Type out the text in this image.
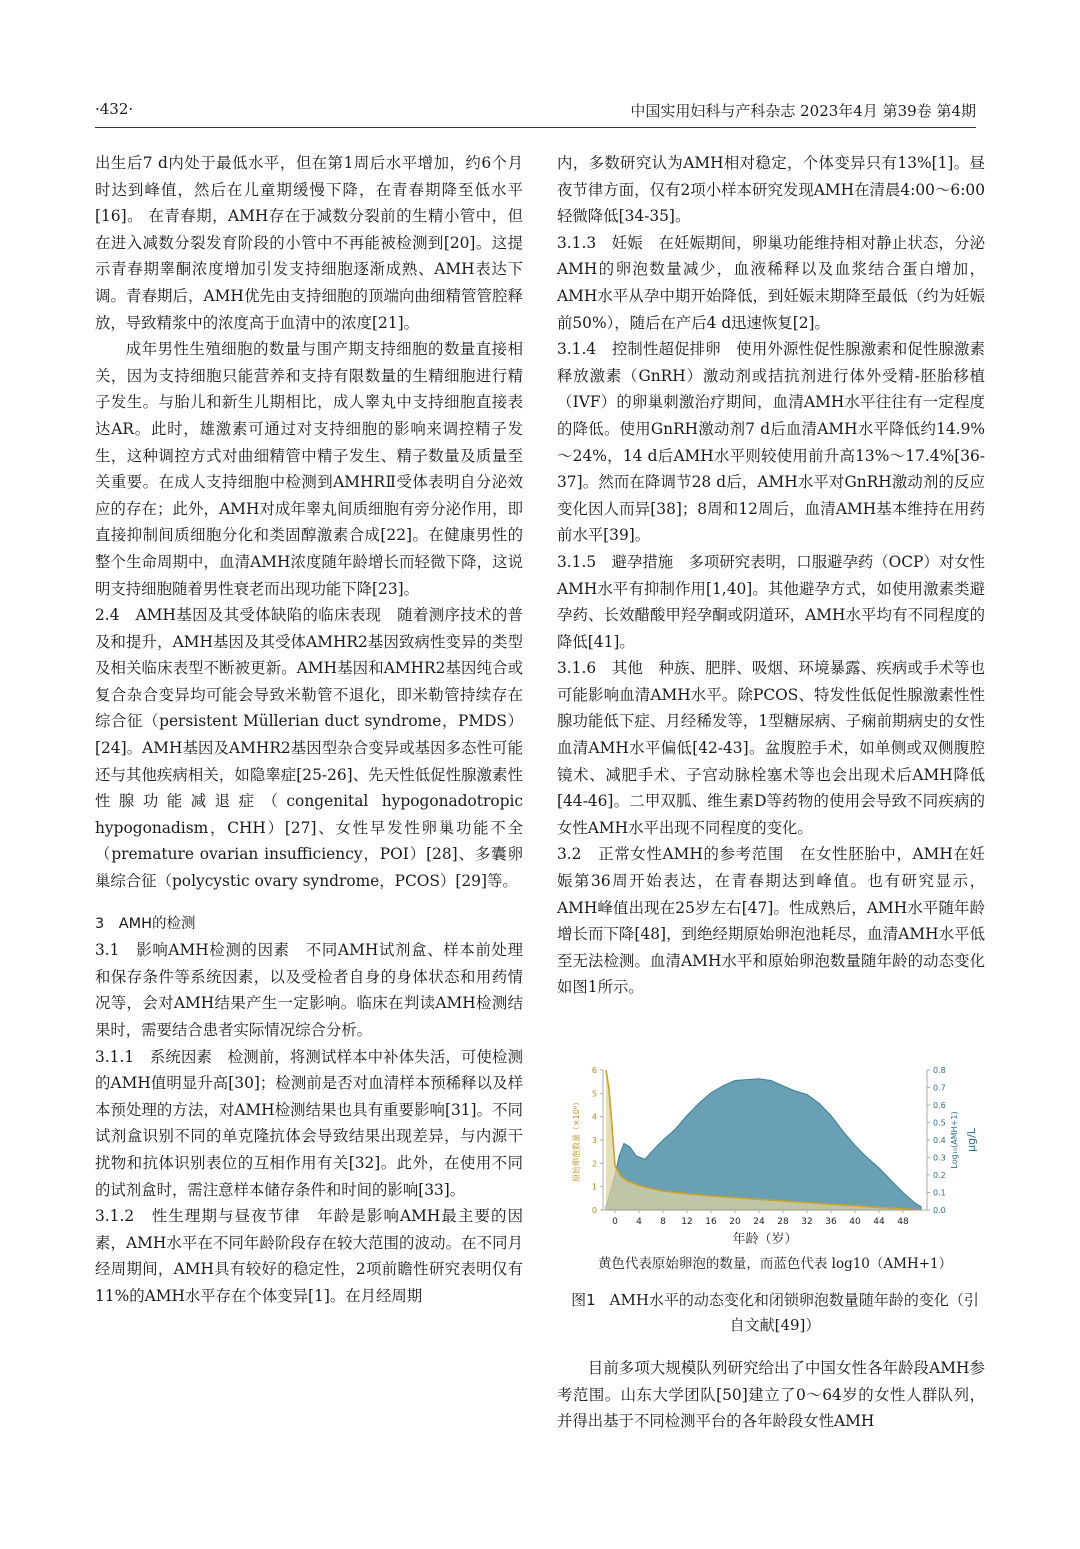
·432·	中国实用妇科与产科杂志 2023年4月 第39卷 第4期

出生后7 d内处于最低水平，但在第1周后水平增加，约6个月时达到峰值，然后在儿童期缓慢下降，在青春期降至低水平[16]。 在青春期，AMH存在于减数分裂前的生精小管中，但在进入减数分裂发育阶段的小管中不再能被检测到[20]。这提示青春期睾酮浓度增加引发支持细胞逐渐成熟、AMH表达下调。青春期后，AMH优先由支持细胞的顶端向曲细精管管腔释放，导致精浆中的浓度高于血清中的浓度[21]。

成年男性生殖细胞的数量与围产期支持细胞的数量直接相关，因为支持细胞只能营养和支持有限数量的生精细胞进行精子发生。与胎儿和新生儿期相比，成人睾丸中支持细胞直接表达AR。此时，雄激素可通过对支持细胞的影响来调控精子发生，这种调控方式对曲细精管中精子发生、精子数量及质量至关重要。在成人支持细胞中检测到AMHRⅡ受体表明自分泌效应的存在；此外，AMH对成年睾丸间质细胞有旁分泌作用，即直接抑制间质细胞分化和类固醇激素合成[22]。在健康男性的整个生命周期中，血清AMH浓度随年龄增长而轻微下降，这说明支持细胞随着男性衰老而出现功能下降[23]。

2.4　AMH基因及其受体缺陷的临床表现　随着测序技术的普及和提升，AMH基因及其受体AMHR2基因致病性变异的类型及相关临床表型不断被更新。AMH基因和AMHR2基因纯合或复合杂合变异均可能会导致米勒管不退化，即米勒管持续存在综合征（persistent Müllerian duct syndrome，PMDS）[24]。AMH基因及AMHR2基因型杂合变异或基因多态性可能还与其他疾病相关，如隐睾症[25-26]、先天性低促性腺激素性性腺功能减退症（congenital hypogonadotropic hypogonadism，CHH）[27]、女性早发性卵巢功能不全（premature ovarian insufficiency，POI）[28]、多囊卵巢综合征（polycystic ovary syndrome，PCOS）[29]等。

3　AMH的检测

3.1　影响AMH检测的因素　不同AMH试剂盒、样本前处理和保存条件等系统因素，以及受检者自身的身体状态和用药情况等，会对AMH结果产生一定影响。临床在判读AMH检测结果时，需要结合患者实际情况综合分析。

3.1.1　系统因素　检测前，将测试样本中补体失活，可使检测的AMH值明显升高[30]；检测前是否对血清样本预稀释以及样本预处理的方法，对AMH检测结果也具有重要影响[31]。不同试剂盒识别不同的单克隆抗体会导致结果出现差异，与内源干扰物和抗体识别表位的互相作用有关[32]。此外，在使用不同的试剂盒时，需注意样本储存条件和时间的影响[33]。

3.1.2　性生理期与昼夜节律　年龄是影响AMH最主要的因素，AMH水平在不同年龄阶段存在较大范围的波动。在不同月经周期间，AMH具有较好的稳定性，2项前瞻性研究表明仅有11%的AMH水平存在个体变异[1]。在月经周期

内，多数研究认为AMH相对稳定，个体变异只有13%[1]。昼夜节律方面，仅有2项小样本研究发现AMH在清晨4:00～6:00轻微降低[34-35]。

3.1.3　妊娠　在妊娠期间，卵巢功能维持相对静止状态，分泌AMH的卵泡数量减少，血液稀释以及血浆结合蛋白增加，AMH水平从孕中期开始降低，到妊娠末期降至最低（约为妊娠前50%），随后在产后4 d迅速恢复[2]。

3.1.4　控制性超促排卵　使用外源性促性腺激素和促性腺激素释放激素（GnRH）激动剂或拮抗剂进行体外受精-胚胎移植（IVF）的卵巢刺激治疗期间，血清AMH水平往往有一定程度的降低。使用GnRH激动剂7 d后血清AMH水平降低约14.9%～24%，14 d后AMH水平则较使用前升高13%～17.4%[36-37]。然而在降调节28 d后，AMH水平对GnRH激动剂的反应变化因人而异[38]；8周和12周后，血清AMH基本维持在用药前水平[39]。

3.1.5　避孕措施　多项研究表明，口服避孕药（OCP）对女性AMH水平有抑制作用[1,40]。其他避孕方式，如使用激素类避孕药、长效醋酸甲羟孕酮或阴道环，AMH水平均有不同程度的降低[41]。

3.1.6　其他　种族、肥胖、吸烟、环境暴露、疾病或手术等也可能影响血清AMH水平。除PCOS、特发性低促性腺激素性性腺功能低下症、月经稀发等，1型糖尿病、子痫前期病史的女性血清AMH水平偏低[42-43]。盆腹腔手术，如单侧或双侧腹腔镜术、减肥手术、子宫动脉栓塞术等也会出现术后AMH降低[44-46]。二甲双胍、维生素D等药物的使用会导致不同疾病的女性AMH水平出现不同程度的变化。

3.2　正常女性AMH的参考范围　在女性胚胎中，AMH在妊娠第36周开始表达，在青春期达到峰值。也有研究显示，AMH峰值出现在25岁左右[47]。性成熟后，AMH水平随年龄增长而下降[48]，到绝经期原始卵泡池耗尽，血清AMH水平低至无法检测。血清AMH水平和原始卵泡数量随年龄的动态变化如图1所示。

0
1
2
3
4
5
6
0.0
0.1
0.2
0.3
0.4
0.5
0.6
0.7
0.8
0 4 8 12 16 20 24 28 32 36 40 44 48
年龄（岁）
原始卵泡数量（×10⁶）	Log₁₀(AMH+1) μg/L
黄色代表原始卵泡的数量，而蓝色代表 log10（AMH+1）
图1 AMH水平的动态变化和闭锁卵泡数量随年龄的变化（引自文献[49]）

目前多项大规模队列研究给出了中国女性各年龄段AMH参考范围。山东大学团队[50]建立了0～64岁的女性人群队列，并得出基于不同检测平台的各年龄段女性AMH
